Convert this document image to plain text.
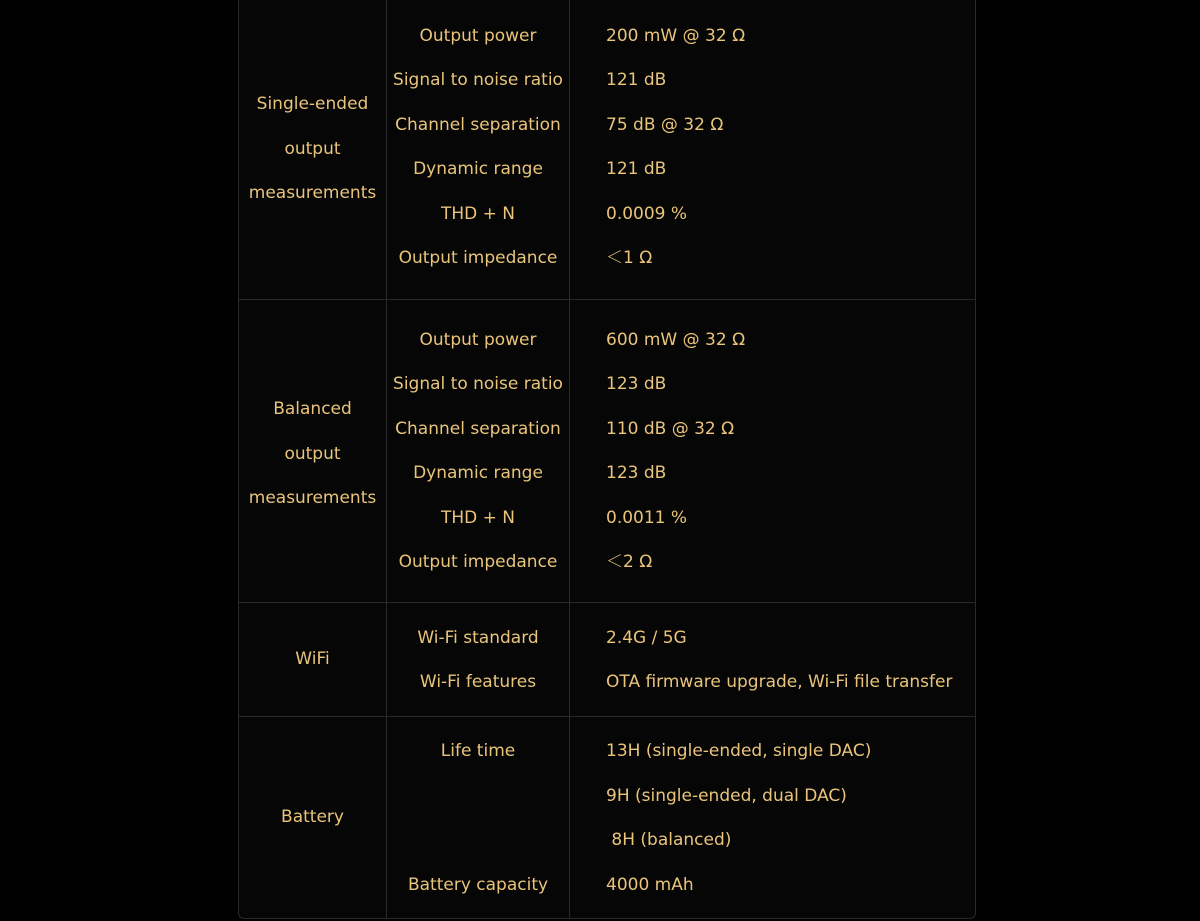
Single-ended
output
measurements
Output power	200 mW @ 32 Ω
Signal to noise ratio	121 dB
Channel separation	75 dB @ 32 Ω
Dynamic range	121 dB
THD + N	0.0009 %
Output impedance	＜1 Ω
Balanced
output
measurements
Output power	600 mW @ 32 Ω
Signal to noise ratio	123 dB
Channel separation	110 dB @ 32 Ω
Dynamic range	123 dB
THD + N	0.0011 %
Output impedance	＜2 Ω
WiFi
Wi-Fi standard	2.4G / 5G
Wi-Fi features	OTA firmware upgrade, Wi-Fi file transfer
Battery
Life time	13H (single-ended, single DAC)
9H (single-ended, dual DAC)
8H (balanced)
Battery capacity	4000 mAh
